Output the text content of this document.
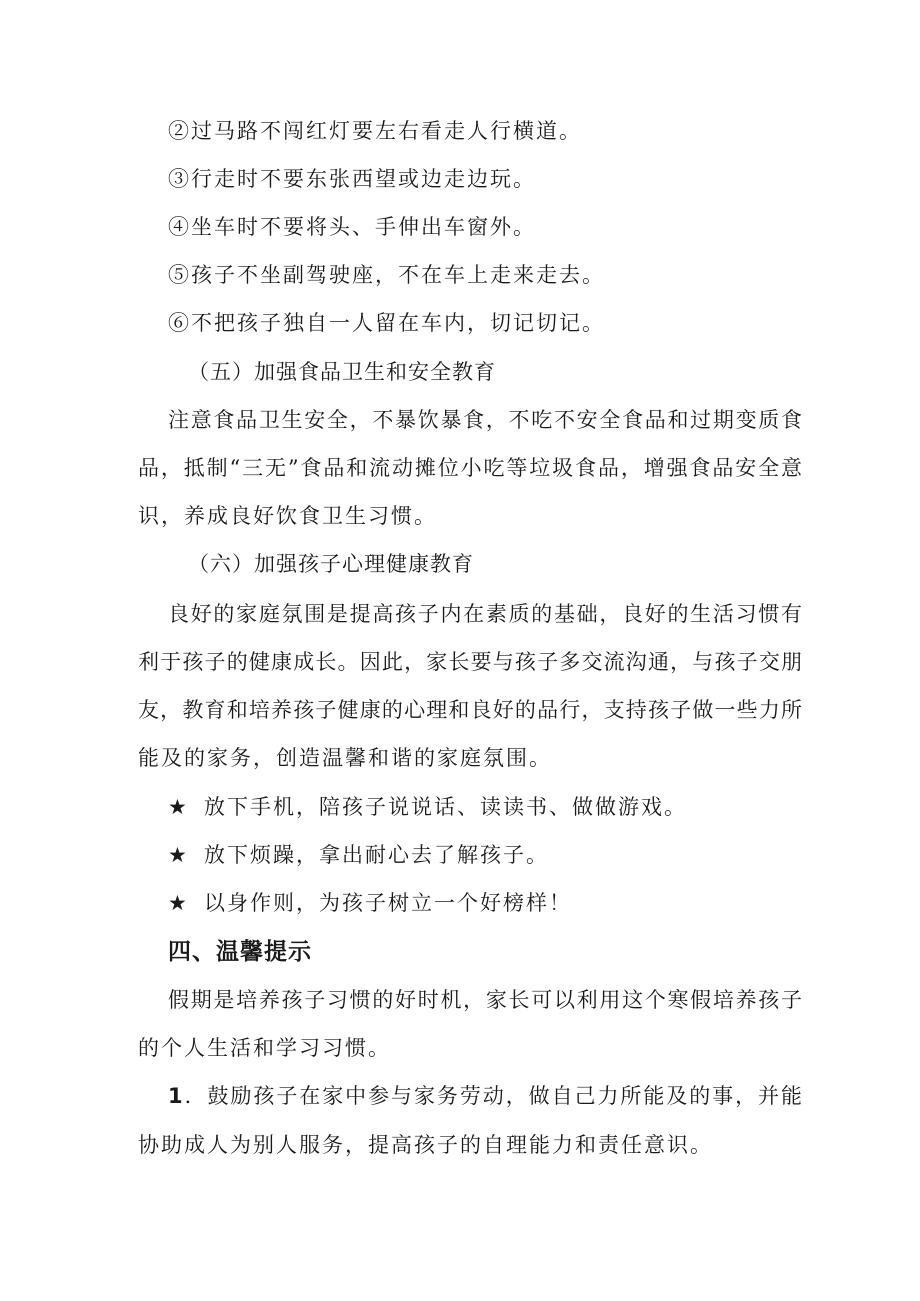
②过马路不闯红灯要左右看走人行横道。
③行走时不要东张西望或边走边玩。
④坐车时不要将头、手伸出车窗外。
⑤孩子不坐副驾驶座，不在车上走来走去。
⑥不把孩子独自一人留在车内，切记切记。
（五）加强食品卫生和安全教育
注意食品卫生安全，不暴饮暴食，不吃不安全食品和过期变质食
品，抵制“三无”食品和流动摊位小吃等垃圾食品，增强食品安全意
识，养成良好饮食卫生习惯。
（六）加强孩子心理健康教育
良好的家庭氛围是提高孩子内在素质的基础，良好的生活习惯有
利于孩子的健康成长。因此，家长要与孩子多交流沟通，与孩子交朋
友，教育和培养孩子健康的心理和良好的品行，支持孩子做一些力所
能及的家务，创造温馨和谐的家庭氛围。
★ 放下手机，陪孩子说说话、读读书、做做游戏。
★ 放下烦躁，拿出耐心去了解孩子。
★ 以身作则，为孩子树立一个好榜样！
四、温馨提示
假期是培养孩子习惯的好时机，家长可以利用这个寒假培养孩子
的个人生活和学习习惯。
1．鼓励孩子在家中参与家务劳动，做自己力所能及的事，并能
协助成人为别人服务，提高孩子的自理能力和责任意识。
